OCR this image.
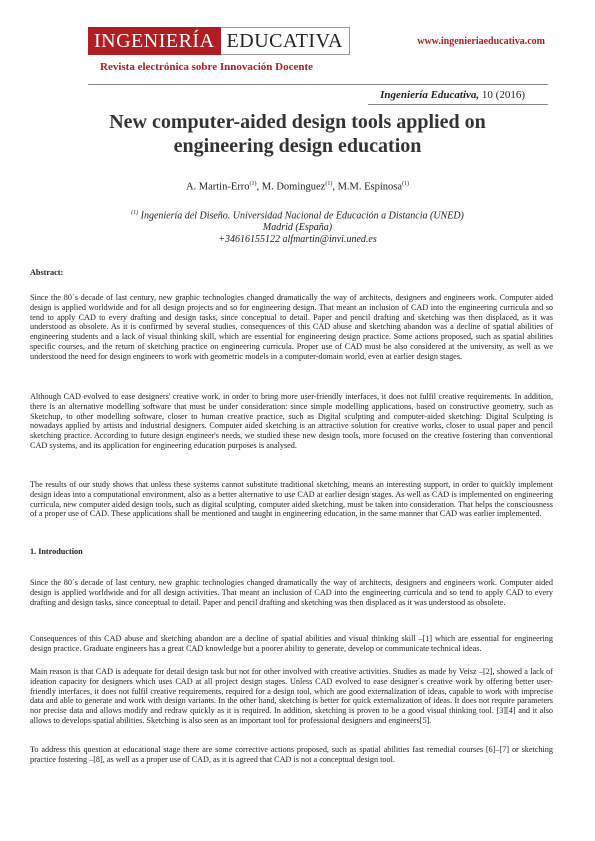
INGENIERÍA EDUCATIVA
Revista electrónica sobre Innovación Docente
www.ingenieriaeducativa.com
Ingeniería Educativa, 10 (2016)
New computer-aided design tools applied on engineering design education
A. Martin-Erro$^{(1)}$, M. Dominguez$^{(1)}$, M.M. Espinosa$^{(1)}$
$^{(1)}$ Ingeniería del Diseño. Universidad Nacional de Educación a Distancia (UNED)
Madrid (España)
+34616155122 alfmartin@invi.uned.es
Abstract:
Since the 80´s decade of last century, new graphic technologies changed dramatically the way of architects, designers and engineers work. Computer aided design is applied worldwide and for all design projects and so for engineering design. That meant an inclusion of CAD into the engineering curricula and so tend to apply CAD to every drafting and design tasks, since conceptual to detail. Paper and pencil drafting and sketching was then displaced, as it was understood as obsolete. As it is confirmed by several studies, consequences of this CAD abuse and sketching abandon was a decline of spatial abilities of engineering students and a lack of visual thinking skill, which are essential for engineering design practice. Some actions proposed, such as spatial abilities specific courses, and the return of sketching practice on engineering curricula. Proper use of CAD must be also considered at the university, as well as we understood the need for design engineers to work with geometric models in a computer-domain world, even at earlier design stages.
Although CAD evolved to ease designers' creative work, in order to bring more user-friendly interfaces, it does not fulfil creative requirements. In addition, there is an alternative modelling software that must be under consideration: since simple modelling applications, based on constructive geometry, such as Sketchup, to other modelling software, closer to human creative practice, such as Digital sculpting and computer-aided sketching: Digital Sculpting is nowadays applied by artists and industrial designers. Computer aided sketching is an attractive solution for creative works, closer to usual paper and pencil sketching practice. According to future design engineer's needs, we studied these new design tools, more focused on the creative fostering than conventional CAD systems, and its application for engineering education purposes is analysed.
The results of our study shows that unless these systems cannot substitute traditional sketching, means an interesting support, in order to quickly implement design ideas into a computational environment, also as a better alternative to use CAD at earlier design stages. As well as CAD is implemented on engineering curricula, new computer aided design tools, such as digital sculpting, computer aided sketching, must be taken into consideration. That helps the consciousness of a proper use of CAD. These applications shall be mentioned and taught in engineering education, in the same manner that CAD was earlier implemented.
1. Introduction
Since the 80´s decade of last century, new graphic technologies changed dramatically the way of architects, designers and engineers work. Computer aided design is applied worldwide and for all design activities. That meant an inclusion of CAD into the engineering curricula and so tend to apply CAD to every drafting and design tasks, since conceptual to detail. Paper and pencil drafting and sketching was then displaced as it was understood as obsolete.
Consequences of this CAD abuse and sketching abandon are a decline of spatial abilities and visual thinking skill –[1] which are essential for engineering design practice. Graduate engineers has a great CAD knowledge but a poorer ability to generate, develop or communicate technical ideas.
Main reason is that CAD is adequate for detail design task but not for other involved with creative activities. Studies as made by Veisz –[2], showed a lack of ideation capacity for designers which uses CAD at all project design stages. Unless CAD evolved to ease designer´s creative work by offering better user-friendly interfaces, it does not fulfil creative requirements, required for a design tool, which are good externalization of ideas, capable to work with imprecise data and able to generate and work with design variants. In the other hand, sketching is better for quick externalization of ideas. It does not require parameters nor precise data and allows modify and redraw quickly as it is required. In addition, sketching is proven to be a good visual thinking tool. [3][4] and it also allows to develops spatial abilities. Sketching is also seen as an important tool for professional designers and engineers[5].
To address this question at educational stage there are some corrective actions proposed, such as spatial abilities fast remedial courses [6]–[7] or sketching practice fostering –[8], as well as a proper use of CAD, as it is agreed that CAD is not a conceptual design tool.
